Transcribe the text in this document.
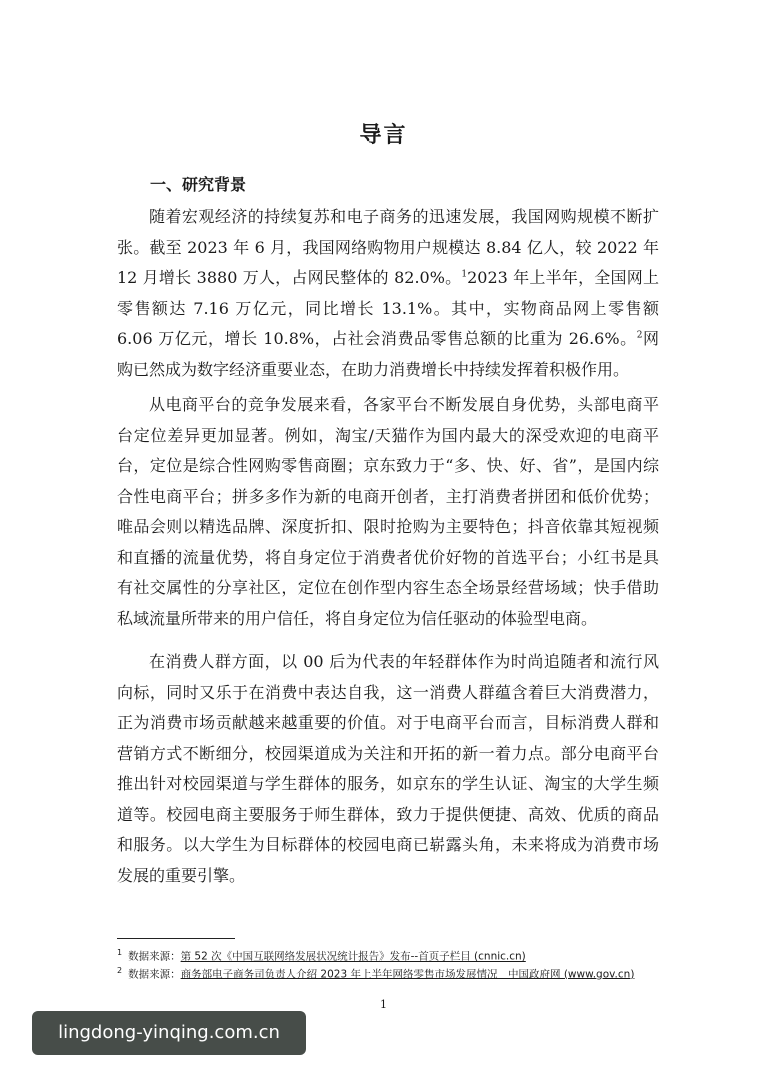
导言
一、研究背景

随着宏观经济的持续复苏和电子商务的迅速发展，我国网购规模不断扩张。截至 2023 年 6 月，我国网络购物用户规模达 8.84 亿人，较 2022 年 12 月增长 3880 万人，占网民整体的 82.0%。$^1$2023 年上半年，全国网上零售额达 7.16 万亿元，同比增长 13.1%。其中，实物商品网上零售额 6.06 万亿元，增长 10.8%，占社会消费品零售总额的比重为 26.6%。$^2$网购已然成为数字经济重要业态，在助力消费增长中持续发挥着积极作用。

从电商平台的竞争发展来看，各家平台不断发展自身优势，头部电商平台定位差异更加显著。例如，淘宝/天猫作为国内最大的深受欢迎的电商平台，定位是综合性网购零售商圈；京东致力于“多、快、好、省”，是国内综合性电商平台；拼多多作为新的电商开创者，主打消费者拼团和低价优势；唯品会则以精选品牌、深度折扣、限时抢购为主要特色；抖音依靠其短视频和直播的流量优势，将自身定位于消费者优价好物的首选平台；小红书是具有社交属性的分享社区，定位在创作型内容生态全场景经营场域；快手借助私域流量所带来的用户信任，将自身定位为信任驱动的体验型电商。

在消费人群方面，以 00 后为代表的年轻群体作为时尚追随者和流行风向标，同时又乐于在消费中表达自我，这一消费人群蕴含着巨大消费潜力，正为消费市场贡献越来越重要的价值。对于电商平台而言，目标消费人群和营销方式不断细分，校园渠道成为关注和开拓的新一着力点。部分电商平台推出针对校园渠道与学生群体的服务，如京东的学生认证、淘宝的大学生频道等。校园电商主要服务于师生群体，致力于提供便捷、高效、优质的商品和服务。以大学生为目标群体的校园电商已崭露头角，未来将成为消费市场发展的重要引擎。

$^1$ 数据来源：第 52 次《中国互联网络发展状况统计报告》发布--首页子栏目 (cnnic.cn)

$^2$ 数据来源：商务部电子商务司负责人介绍 2023 年上半年网络零售市场发展情况＿中国政府网 (www.gov.cn)

1
lingdong-yinqing.com.cn
